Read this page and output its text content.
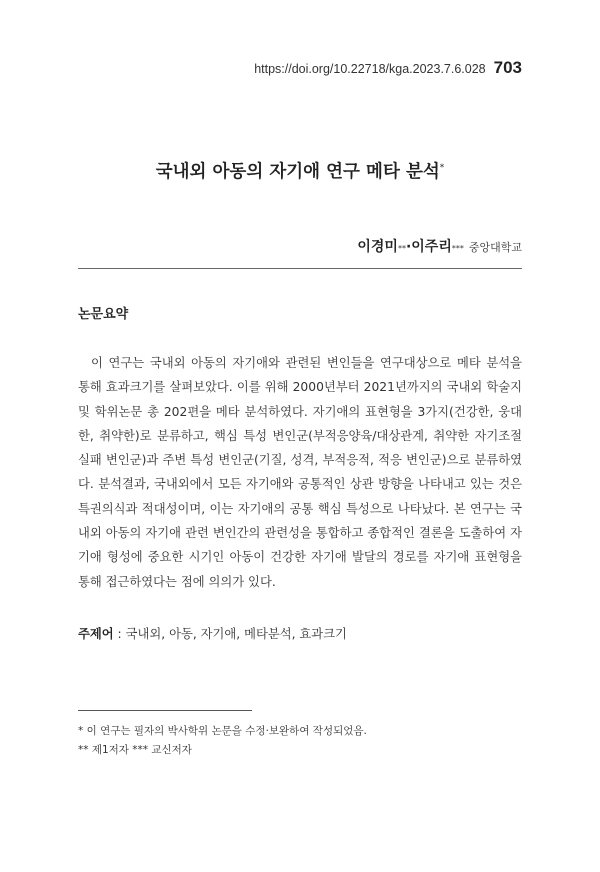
https://doi.org/10.22718/kga.2023.7.6.028 703
국내외 아동의 자기애 연구 메타 분석*
이경미 ** · 이주리 *** 중앙대학교
논문요약

이 연구는 국내외 아동의 자기애와 관련된 변인들을 연구대상으로 메타 분석을 통해 효과크기를 살펴보았다. 이를 위해 2000년부터 2021년까지의 국내외 학술지 및 학위논문 총 202편을 메타 분석하였다. 자기애의 표현형을 3가지(건강한, 웅대한, 취약한)로 분류하고, 핵심 특성 변인군(부적응양육/대상관계, 취약한 자기조절 실패 변인군)과 주변 특성 변인군(기질, 성격, 부적응적, 적응 변인군)으로 분류하였다. 분석결과, 국내외에서 모든 자기애와 공통적인 상관 방향을 나타내고 있는 것은 특권의식과 적대성이며, 이는 자기애의 공통 핵심 특성으로 나타났다. 본 연구는 국내외 아동의 자기애 관련 변인간의 관련성을 통합하고 종합적인 결론을 도출하여 자기애 형성에 중요한 시기인 아동이 건강한 자기애 발달의 경로를 자기애 표현형을 통해 접근하였다는 점에 의의가 있다.

주제어 : 국내외, 아동, 자기애, 메타분석, 효과크기
* 이 연구는 필자의 박사학위 논문을 수정·보완하여 작성되었음.
** 제1저자 *** 교신저자
